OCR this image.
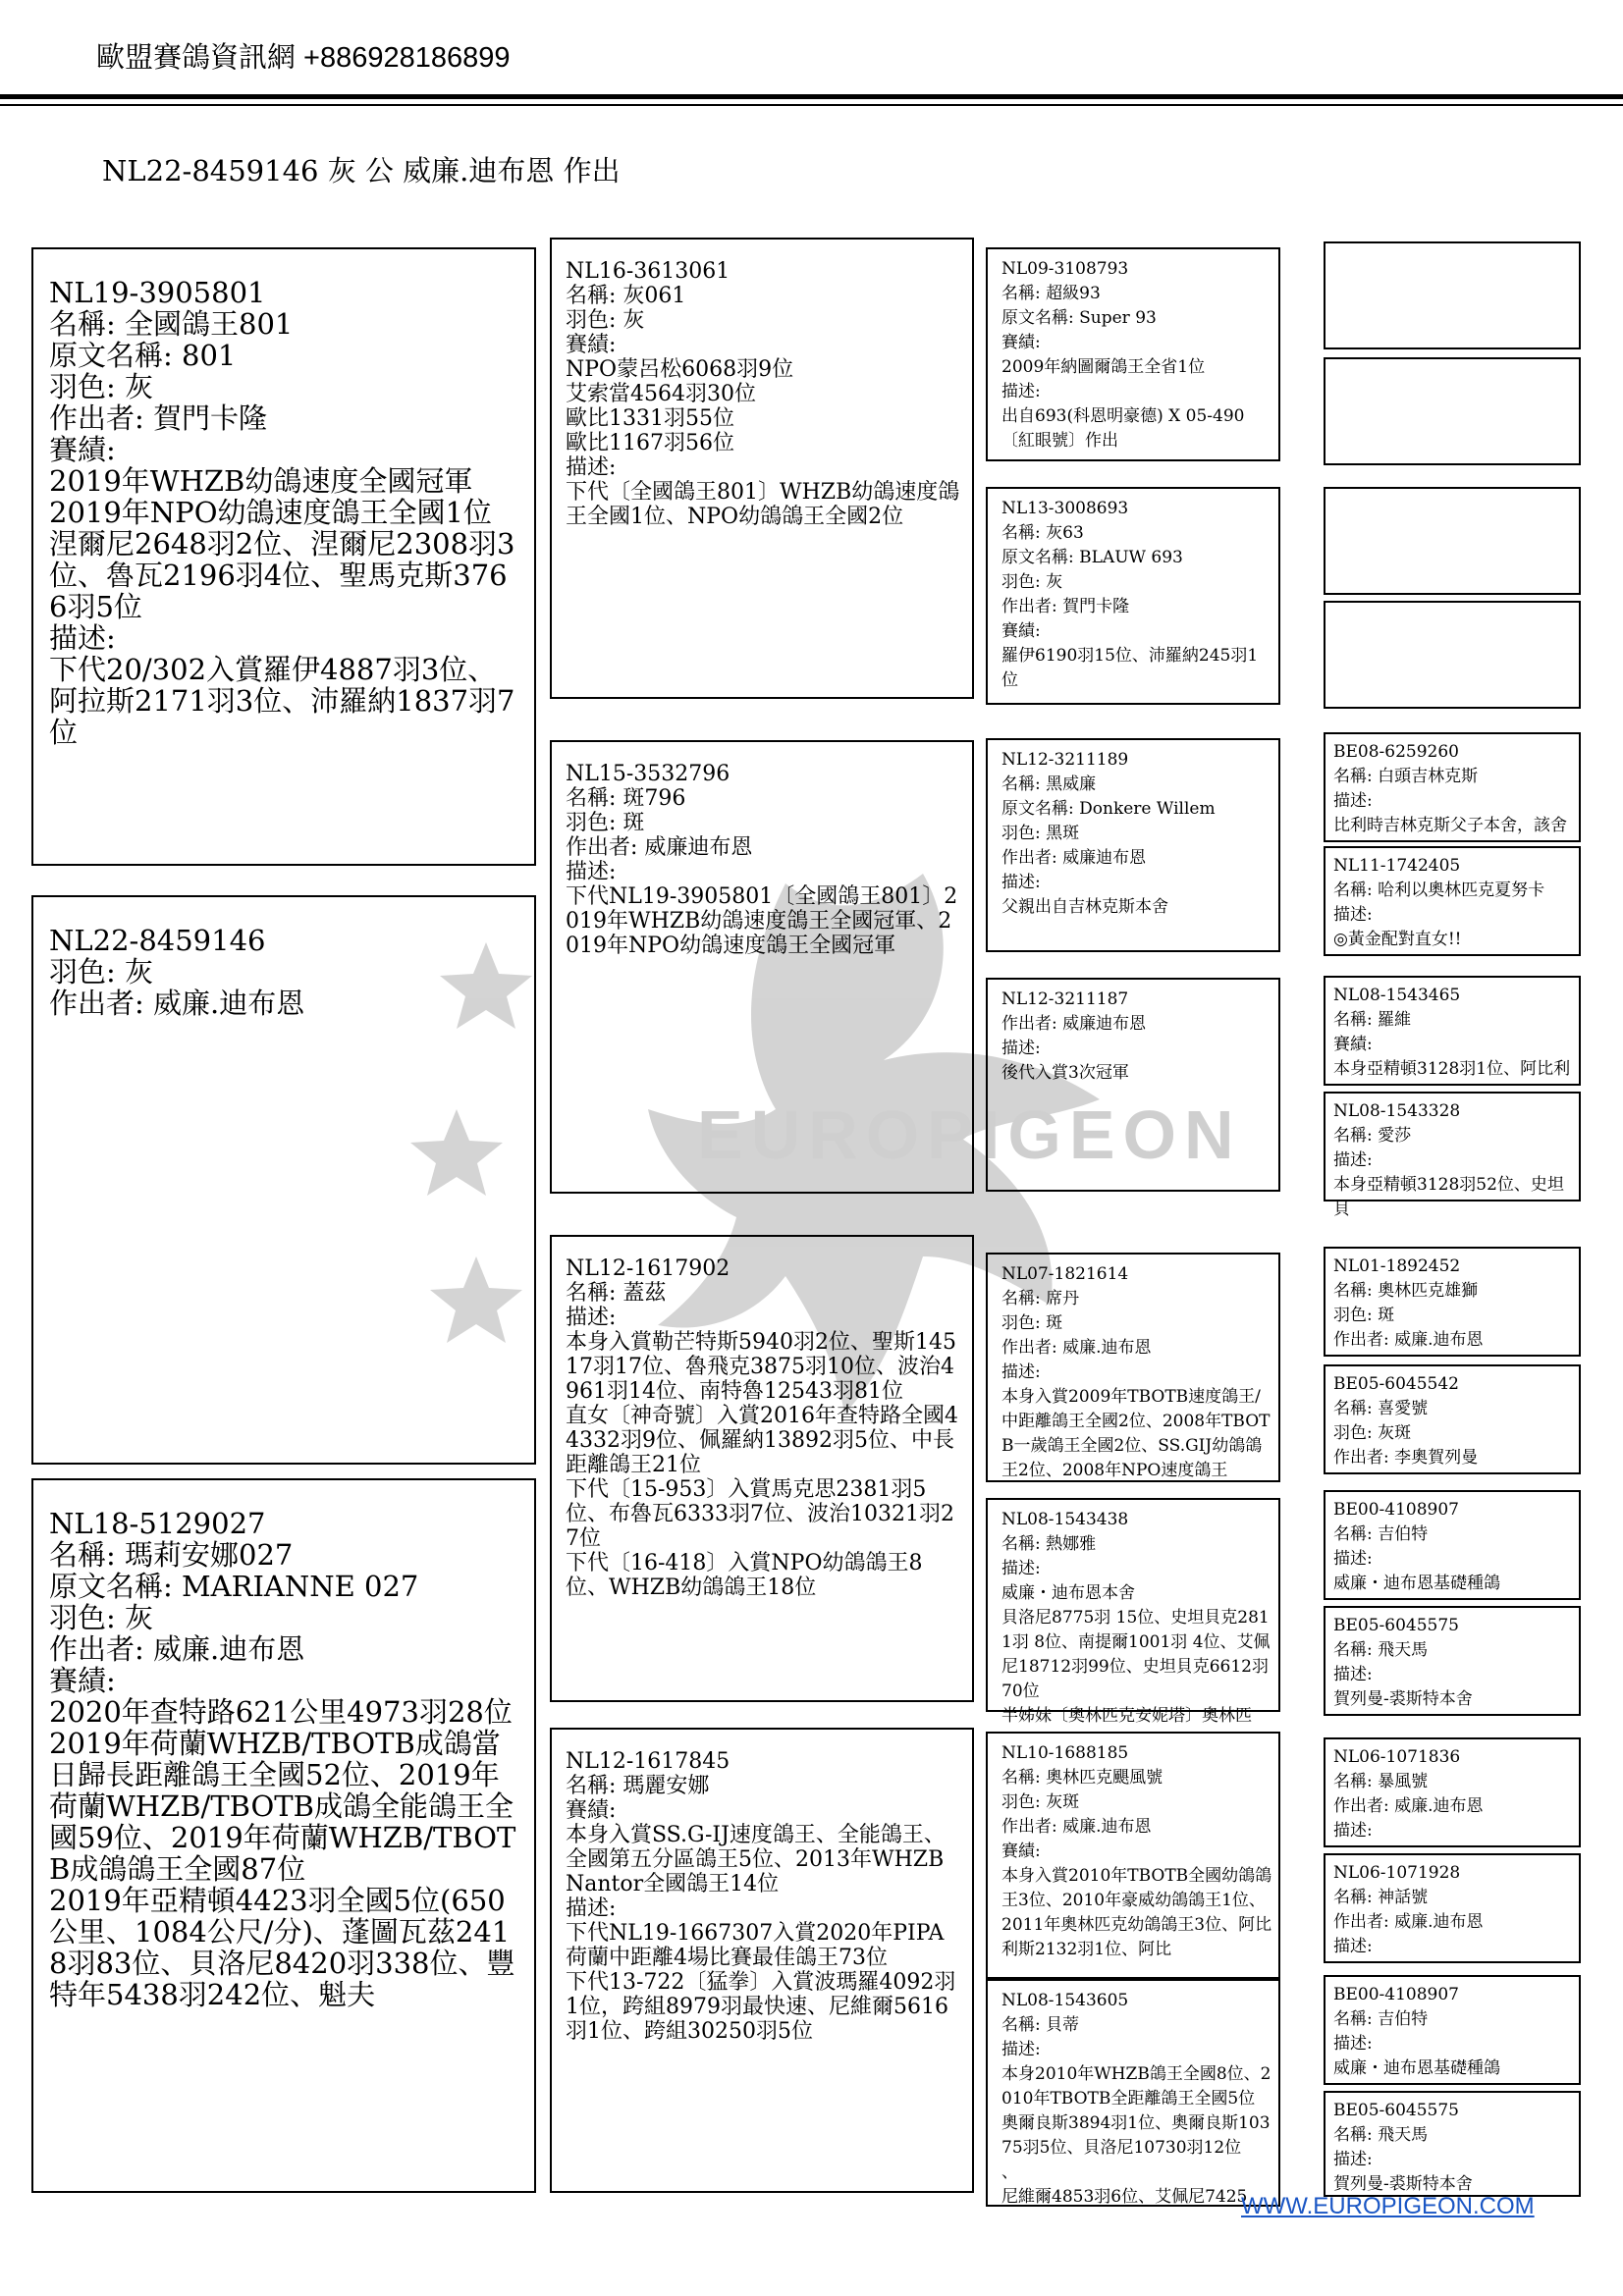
歐盟賽鴿資訊網 +886928186899
NL22-8459146 灰 公 威廉.迪布恩 作出
EUROPIGEON
NL19-3905801
名稱: 全國鴿王801
原文名稱: 801
羽色: 灰
作出者: 賀門卡隆
賽績:
2019年WHZB幼鴿速度全國冠軍
2019年NPO幼鴿速度鴿王全國1位
涅爾尼2648羽2位、涅爾尼2308羽3位、魯瓦2196羽4位、聖馬克斯3766羽5位
描述:
下代20/302入賞羅伊4887羽3位、阿拉斯2171羽3位、沛羅納1837羽7位
NL22-8459146
羽色: 灰
作出者: 威廉.迪布恩
NL18-5129027
名稱: 瑪莉安娜027
原文名稱: MARIANNE 027
羽色: 灰
作出者: 威廉.迪布恩
賽績:
2020年查特路621公里4973羽28位
2019年荷蘭WHZB/TBOTB成鴿當日歸長距離鴿王全國52位、2019年荷蘭WHZB/TBOTB成鴿全能鴿王全國59位、2019年荷蘭WHZB/TBOTB成鴿鴿王全國87位
2019年亞精頓4423羽全國5位(650公里、1084公尺/分)、蓬圖瓦茲2418羽83位、貝洛尼8420羽338位、豐特年5438羽242位、魁夫
NL16-3613061
名稱: 灰061
羽色: 灰
賽績:
NPO蒙呂松6068羽9位
艾索當4564羽30位
歐比1331羽55位
歐比1167羽56位
描述:
下代〔全國鴿王801〕WHZB幼鴿速度鴿王全國1位、NPO幼鴿鴿王全國2位
NL15-3532796
名稱: 斑796
羽色: 斑
作出者: 威廉迪布恩
描述:
下代NL19-3905801〔全國鴿王801〕2019年WHZB幼鴿速度鴿王全國冠軍、2019年NPO幼鴿速度鴿王全國冠軍
NL12-1617902
名稱: 蓋茲
描述:
本身入賞勒芒特斯5940羽2位、聖斯14517羽17位、魯飛克3875羽10位、波治4961羽14位、南特魯12543羽81位
直女〔神奇號〕入賞2016年查特路全國44332羽9位、佩羅納13892羽5位、中長距離鴿王21位
下代〔15-953〕入賞馬克思2381羽5位、布魯瓦6333羽7位、波治10321羽27位
下代〔16-418〕入賞NPO幼鴿鴿王8位、WHZB幼鴿鴿王18位
NL12-1617845
名稱: 瑪麗安娜
賽績:
本身入賞SS.G-IJ速度鴿王、全能鴿王、全國第五分區鴿王5位、2013年WHZB Nantor全國鴿王14位
描述:
下代NL19-1667307入賞2020年PIPA荷蘭中距離4場比賽最佳鴿王73位
下代13-722〔猛拳〕入賞波瑪羅4092羽1位，跨組8979羽最快速、尼維爾5616羽1位、跨組30250羽5位
NL09-3108793
名稱: 超級93
原文名稱: Super 93
賽績:
2009年納圖爾鴿王全省1位
描述:
出自693(科恩明豪德) X 05-490〔紅眼號〕作出
NL13-3008693
名稱: 灰63
原文名稱: BLAUW 693
羽色: 灰
作出者: 賀門卡隆
賽績:
羅伊6190羽15位、沛羅納245羽1位
NL12-3211189
名稱: 黑威廉
原文名稱: Donkere Willem
羽色: 黑斑
作出者: 威廉迪布恩
描述:
父親出自吉林克斯本舍
NL12-3211187
作出者: 威廉迪布恩
描述:
後代入賞3次冠軍
NL07-1821614
名稱: 席丹
羽色: 斑
作出者: 威廉.迪布恩
描述:
本身入賞2009年TBOTB速度鴿王/中距離鴿王全國2位、2008年TBOTB一歲鴿王全國2位、SS.GIJ幼鴿鴿王2位、2008年NPO速度鴿王
NL08-1543438
名稱: 熱娜雅
描述:
威廉・迪布恩本舍
貝洛尼8775羽 15位、史坦貝克2811羽 8位、南提爾1001羽 4位、艾佩尼18712羽99位、史坦貝克6612羽70位
半姊妹〔奧林匹克安妮塔〕奧林匹
NL10-1688185
名稱: 奧林匹克颶風號
羽色: 灰斑
作出者: 威廉.迪布恩
賽績:
本身入賞2010年TBOTB全國幼鴿鴿王3位、2010年豪威幼鴿鴿王1位、2011年奧林匹克幼鴿鴿王3位、阿比利斯2132羽1位、阿比
NL08-1543605
名稱: 貝蒂
描述:
本身2010年WHZB鴿王全國8位、2010年TBOTB全距離鴿王全國5位
奧爾良斯3894羽1位、奧爾良斯10375羽5位、貝洛尼10730羽12位
、
尼維爾4853羽6位、艾佩尼7425
BE08-6259260
名稱: 白頭吉林克斯
描述:
比利時吉林克斯父子本舍，該舍
NL11-1742405
名稱: 哈利以奧林匹克夏努卡
描述:
◎黃金配對直女!!
NL08-1543465
名稱: 羅維
賽績:
本身亞精頓3128羽1位、阿比利
NL08-1543328
名稱: 愛莎
描述:
本身亞精頓3128羽52位、史坦貝
NL01-1892452
名稱: 奧林匹克雄獅
羽色: 斑
作出者: 威廉.迪布恩
BE05-6045542
名稱: 喜愛號
羽色: 灰斑
作出者: 李奧賀列曼
BE00-4108907
名稱: 吉伯特
描述:
威廉・迪布恩基礎種鴿
BE05-6045575
名稱: 飛天馬
描述:
賀列曼-裘斯特本舍
NL06-1071836
名稱: 暴風號
作出者: 威廉.迪布恩
描述:
NL06-1071928
名稱: 神話號
作出者: 威廉.迪布恩
描述:
BE00-4108907
名稱: 吉伯特
描述:
威廉・迪布恩基礎種鴿
BE05-6045575
名稱: 飛天馬
描述:
賀列曼-裘斯特本舍
WWW.EUROPIGEON.COM
